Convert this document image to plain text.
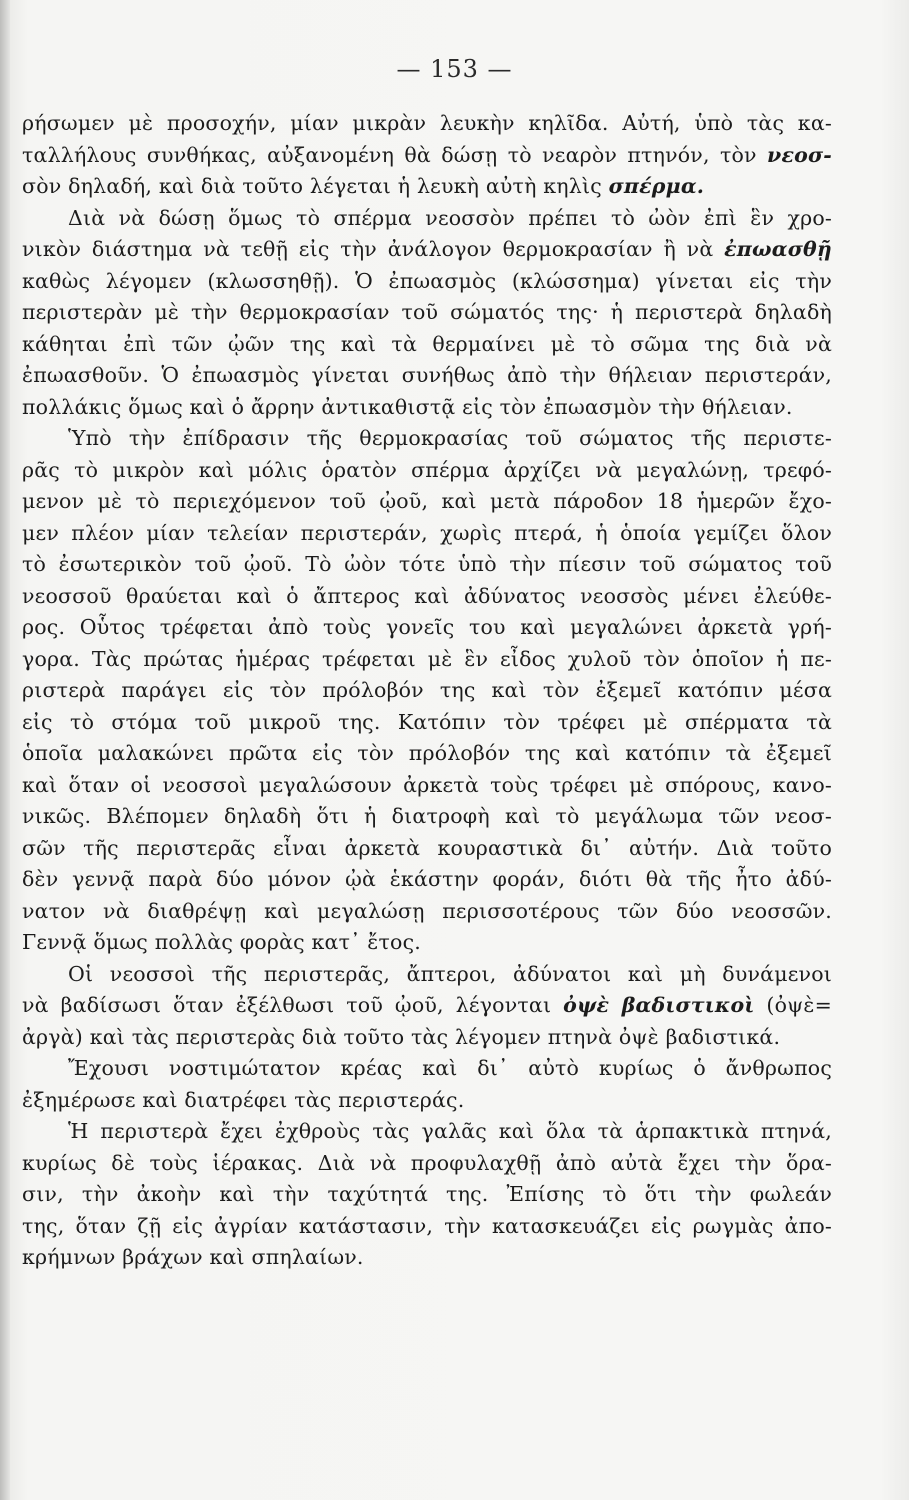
— 153 —
ρήσωμεν μὲ προσοχήν, μίαν μικρὰν λευκὴν κηλῖδα. Αὐτή, ὑπὸ τὰς κα-
ταλλήλους συνθήκας, αὐξανομένη θὰ δώσῃ τὸ νεαρὸν πτηνόν, τὸν νεοσ-
σὸν δηλαδή, καὶ διὰ τοῦτο λέγεται ἡ λευκὴ αὐτὴ κηλὶς σπέρμα.
Διὰ νὰ δώσῃ ὅμως τὸ σπέρμα νεοσσὸν πρέπει τὸ ὠὸν ἐπὶ ἓν χρο-
νικὸν διάστημα νὰ τεθῇ εἰς τὴν ἀνάλογον θερμοκρασίαν ἢ νὰ ἐπωασθῇ
καθὼς λέγομεν (κλωσσηθῇ). Ὁ ἐπωασμὸς (κλώσσημα) γίνεται εἰς τὴν
περιστερὰν μὲ τὴν θερμοκρασίαν τοῦ σώματός της· ἡ περιστερὰ δηλαδὴ
κάθηται ἐπὶ τῶν ᾠῶν της καὶ τὰ θερμαίνει μὲ τὸ σῶμα της διὰ νὰ
ἐπωασθοῦν. Ὁ ἐπωασμὸς γίνεται συνήθως ἀπὸ τὴν θήλειαν περιστεράν,
πολλάκις ὅμως καὶ ὁ ἄρρην ἀντικαθιστᾷ εἰς τὸν ἐπωασμὸν τὴν θήλειαν.
Ὑπὸ τὴν ἐπίδρασιν τῆς θερμοκρασίας τοῦ σώματος τῆς περιστε-
ρᾶς τὸ μικρὸν καὶ μόλις ὁρατὸν σπέρμα ἀρχίζει νὰ μεγαλώνῃ, τρεφό-
μενον μὲ τὸ περιεχόμενον τοῦ ᾠοῦ, καὶ μετὰ πάροδον 18 ἡμερῶν ἔχο-
μεν πλέον μίαν τελείαν περιστεράν, χωρὶς πτερά, ἡ ὁποία γεμίζει ὅλον
τὸ ἐσωτερικὸν τοῦ ᾠοῦ. Τὸ ὠὸν τότε ὑπὸ τὴν πίεσιν τοῦ σώματος τοῦ
νεοσσοῦ θραύεται καὶ ὁ ἄπτερος καὶ ἀδύνατος νεοσσὸς μένει ἐλεύθε-
ρος. Οὗτος τρέφεται ἀπὸ τοὺς γονεῖς του καὶ μεγαλώνει ἀρκετὰ γρή-
γορα. Τὰς πρώτας ἡμέρας τρέφεται μὲ ἓν εἶδος χυλοῦ τὸν ὁποῖον ἡ πε-
ριστερὰ παράγει εἰς τὸν πρόλοβόν της καὶ τὸν ἐξεμεῖ κατόπιν μέσα
εἰς τὸ στόμα τοῦ μικροῦ της. Κατόπιν τὸν τρέφει μὲ σπέρματα τὰ
ὁποῖα μαλακώνει πρῶτα εἰς τὸν πρόλοβόν της καὶ κατόπιν τὰ ἐξεμεῖ
καὶ ὅταν οἱ νεοσσοὶ μεγαλώσουν ἀρκετὰ τοὺς τρέφει μὲ σπόρους, κανο-
νικῶς. Βλέπομεν δηλαδὴ ὅτι ἡ διατροφὴ καὶ τὸ μεγάλωμα τῶν νεοσ-
σῶν τῆς περιστερᾶς εἶναι ἀρκετὰ κουραστικὰ δι᾽ αὐτήν. Διὰ τοῦτο
δὲν γεννᾷ παρὰ δύο μόνον ᾠὰ ἑκάστην φοράν, διότι θὰ τῆς ἦτο ἀδύ-
νατον νὰ διαθρέψῃ καὶ μεγαλώσῃ περισσοτέρους τῶν δύο νεοσσῶν.
Γεννᾷ ὅμως πολλὰς φορὰς κατ᾽ ἔτος.
Οἱ νεοσσοὶ τῆς περιστερᾶς, ἄπτεροι, ἀδύνατοι καὶ μὴ δυνάμενοι
νὰ βαδίσωσι ὅταν ἐξέλθωσι τοῦ ᾠοῦ, λέγονται ὀψὲ βαδιστικοὶ (ὀψὲ=
ἀργὰ) καὶ τὰς περιστερὰς διὰ τοῦτο τὰς λέγομεν πτηνὰ ὀψὲ βαδιστικά.
Ἔχουσι νοστιμώτατον κρέας καὶ δι᾽ αὐτὸ κυρίως ὁ ἄνθρωπος
ἐξημέρωσε καὶ διατρέφει τὰς περιστεράς.
Ἡ περιστερὰ ἔχει ἐχθροὺς τὰς γαλᾶς καὶ ὅλα τὰ ἁρπακτικὰ πτηνά,
κυρίως δὲ τοὺς ἱέρακας. Διὰ νὰ προφυλαχθῇ ἀπὸ αὐτὰ ἔχει τὴν ὅρα-
σιν, τὴν ἀκοὴν καὶ τὴν ταχύτητά της. Ἐπίσης τὸ ὅτι τὴν φωλεάν
της, ὅταν ζῇ εἰς ἀγρίαν κατάστασιν, τὴν κατασκευάζει εἰς ρωγμὰς ἀπο-
κρήμνων βράχων καὶ σπηλαίων.
